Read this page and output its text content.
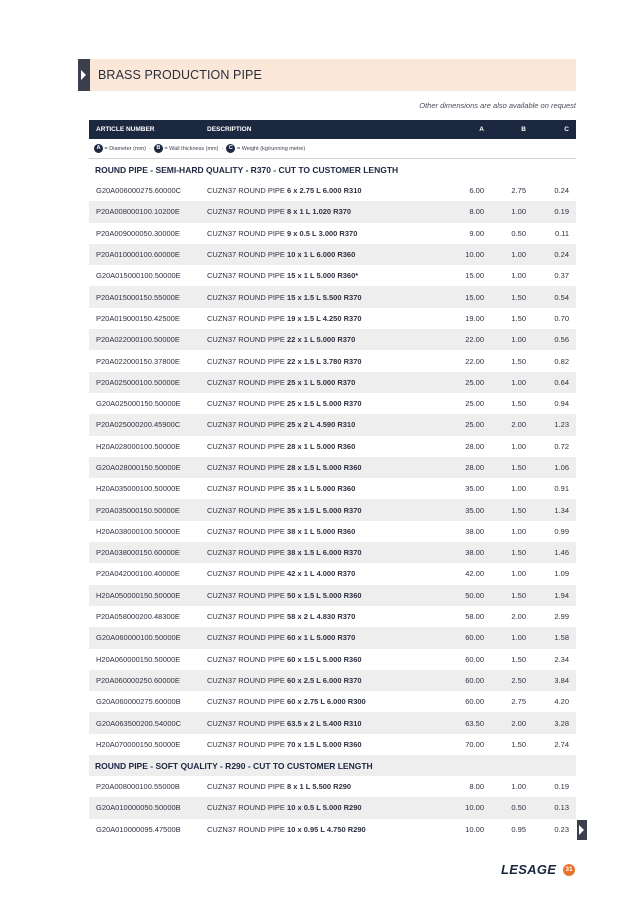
BRASS PRODUCTION PIPE
Other dimensions are also available on request
ARTICLE NUMBER	DESCRIPTION	A	B	C
A = Diameter (mm)  ·  B = Wall thickness (mm)  ·  C = Weight (kg/running metre)				
ROUND PIPE - SEMI-HARD QUALITY - R370 - CUT TO CUSTOMER LENGTH				
G20A006000275.60000C	CUZN37 ROUND PIPE 6 x 2.75 L 6.000 R310	6.00	2.75	0.24
P20A008000100.10200E	CUZN37 ROUND PIPE 8 x 1 L 1.020 R370	8.00	1.00	0.19
P20A009000050.30000E	CUZN37 ROUND PIPE 9 x 0.5 L 3.000 R370	9.00	0.50	0.11
P20A010000100.60000E	CUZN37 ROUND PIPE 10 x 1 L 6.000 R360	10.00	1.00	0.24
G20A015000100.50000E	CUZN37 ROUND PIPE 15 x 1 L 5.000 R360*	15.00	1.00	0.37
P20A015000150.55000E	CUZN37 ROUND PIPE 15 x 1.5 L 5.500 R370	15.00	1.50	0.54
P20A019000150.42500E	CUZN37 ROUND PIPE 19 x 1.5 L 4.250 R370	19.00	1.50	0.70
P20A022000100.50000E	CUZN37 ROUND PIPE 22 x 1 L 5.000 R370	22.00	1.00	0.56
P20A022000150.37800E	CUZN37 ROUND PIPE 22 x 1.5 L 3.780 R370	22.00	1.50	0.82
P20A025000100.50000E	CUZN37 ROUND PIPE 25 x 1 L 5.000 R370	25.00	1.00	0.64
G20A025000150.50000E	CUZN37 ROUND PIPE 25 x 1.5 L 5.000 R370	25.00	1.50	0.94
P20A025000200.45900C	CUZN37 ROUND PIPE 25 x 2 L 4.590 R310	25.00	2.00	1.23
H20A028000100.50000E	CUZN37 ROUND PIPE 28 x 1 L 5.000 R360	28.00	1.00	0.72
G20A028000150.50000E	CUZN37 ROUND PIPE 28 x 1.5 L 5.000 R360	28.00	1.50	1.06
H20A035000100.50000E	CUZN37 ROUND PIPE 35 x 1 L 5.000 R360	35.00	1.00	0.91
P20A035000150.50000E	CUZN37 ROUND PIPE 35 x 1.5 L 5.000 R370	35.00	1.50	1.34
H20A038000100.50000E	CUZN37 ROUND PIPE 38 x 1 L 5.000 R360	38.00	1.00	0.99
P20A038000150.60000E	CUZN37 ROUND PIPE 38 x 1.5 L 6.000 R370	38.00	1.50	1.46
P20A042000100.40000E	CUZN37 ROUND PIPE 42 x 1 L 4.000 R370	42.00	1.00	1.09
H20A050000150.50000E	CUZN37 ROUND PIPE 50 x 1.5 L 5.000 R360	50.00	1.50	1.94
P20A058000200.48300E	CUZN37 ROUND PIPE 58 x 2 L 4.830 R370	58.00	2.00	2.99
G20A060000100.50000E	CUZN37 ROUND PIPE 60 x 1 L 5.000 R370	60.00	1.00	1.58
H20A060000150.50000E	CUZN37 ROUND PIPE 60 x 1.5 L 5.000 R360	60.00	1.50	2.34
P20A060000250.60000E	CUZN37 ROUND PIPE 60 x 2.5 L 6.000 R370	60.00	2.50	3.84
G20A060000275.60000B	CUZN37 ROUND PIPE 60 x 2.75 L 6.000 R300	60.00	2.75	4.20
G20A063500200.54000C	CUZN37 ROUND PIPE 63.5 x 2 L 5.400 R310	63.50	2.00	3.28
H20A070000150.50000E	CUZN37 ROUND PIPE 70 x 1.5 L 5.000 R360	70.00	1.50	2.74
ROUND PIPE - SOFT QUALITY - R290 - CUT TO CUSTOMER LENGTH				
P20A008000100.55000B	CUZN37 ROUND PIPE 8 x 1 L 5.500 R290	8.00	1.00	0.19
G20A010000050.50000B	CUZN37 ROUND PIPE 10 x 0.5 L 5.000 R290	10.00	0.50	0.13
G20A010000095.47500B	CUZN37 ROUND PIPE 10 x 0.95 L 4.750 R290	10.00	0.95	0.23
LESAGE	31
